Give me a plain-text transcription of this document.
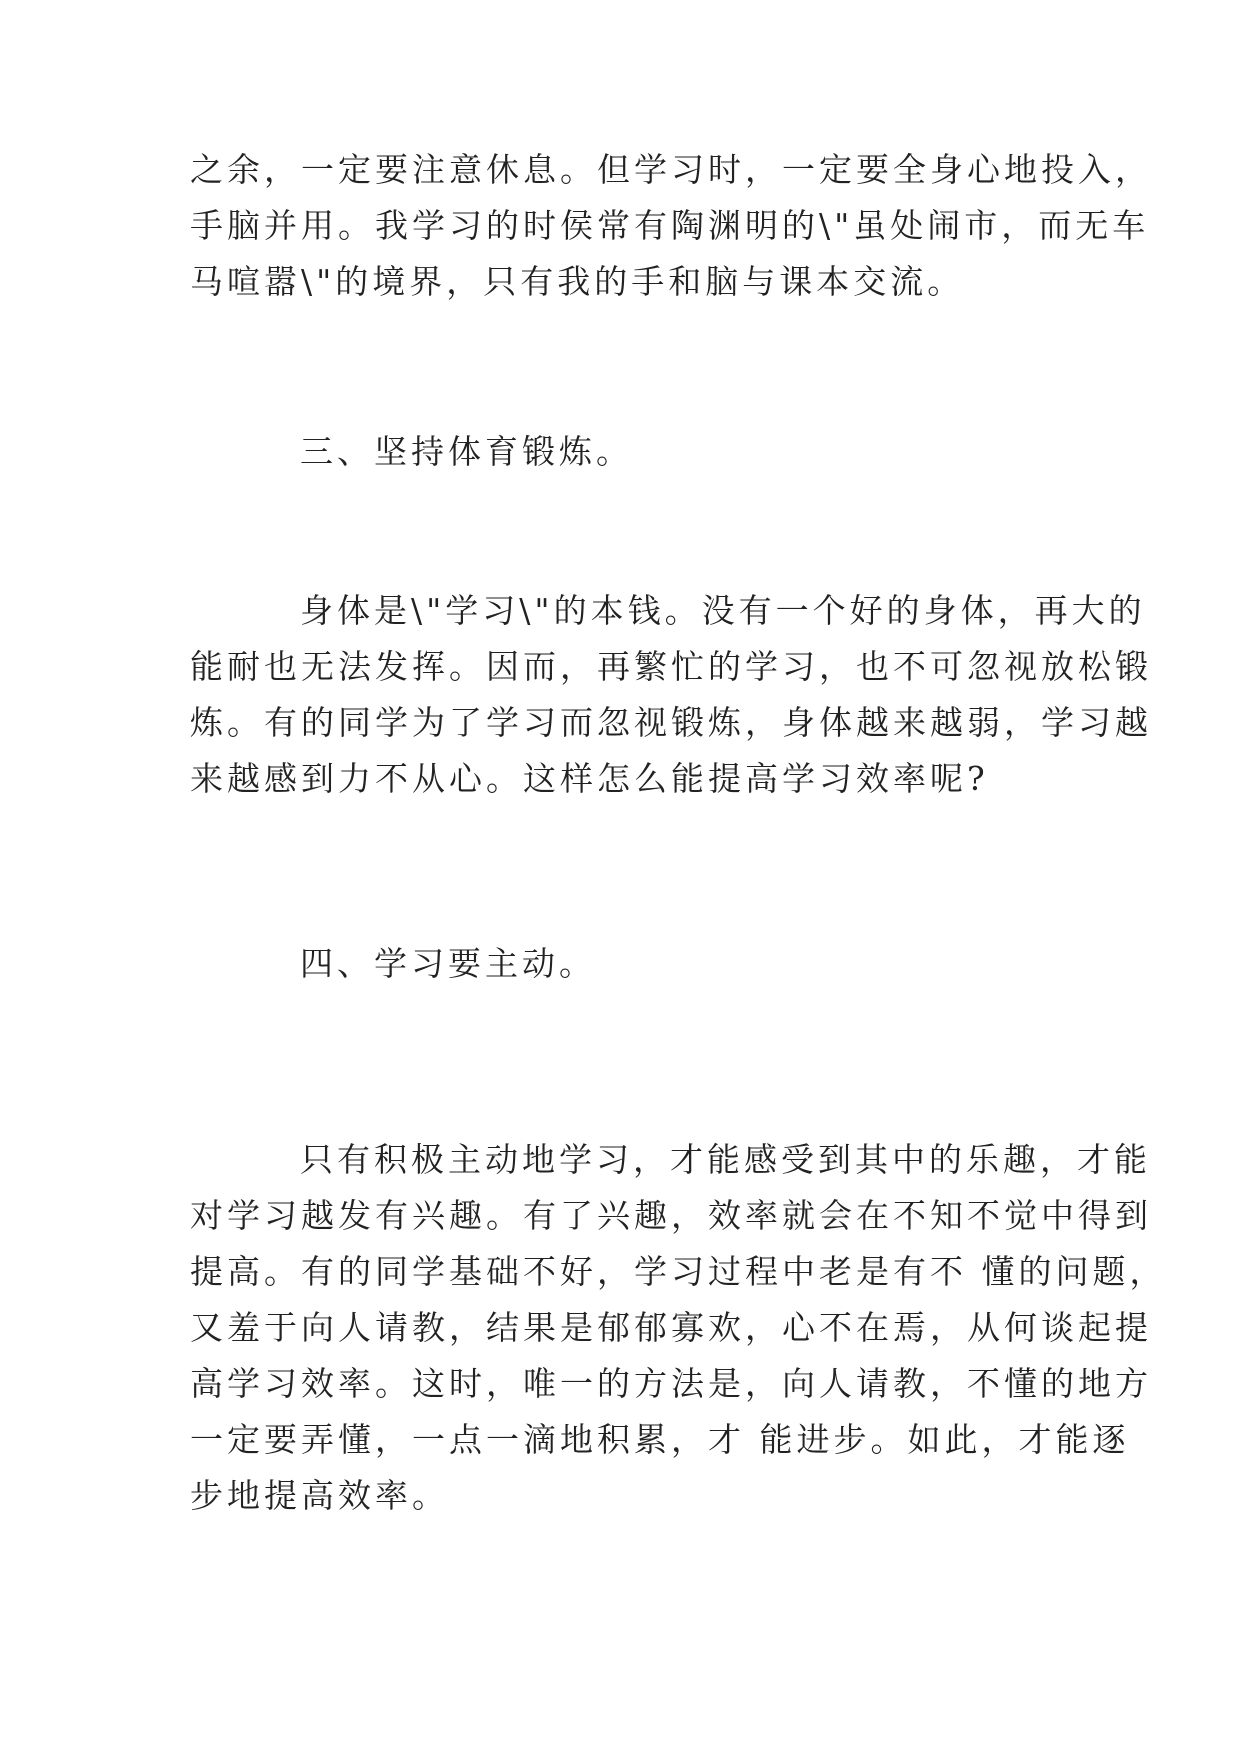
之余，一定要注意休息。但学习时，一定要全身心地投入，
手脑并用。我学习的时侯常有陶渊明的\"虽处闹市，而无车
马喧嚣\"的境界，只有我的手和脑与课本交流。
三、坚持体育锻炼。
身体是\"学习\"的本钱。没有一个好的身体，再大的
能耐也无法发挥。因而，再繁忙的学习，也不可忽视放松锻
炼。有的同学为了学习而忽视锻炼，身体越来越弱，学习越
来越感到力不从心。这样怎么能提高学习效率呢?
四、学习要主动。
只有积极主动地学习，才能感受到其中的乐趣，才能
对学习越发有兴趣。有了兴趣，效率就会在不知不觉中得到
提高。有的同学基础不好，学习过程中老是有不 懂的问题，
又羞于向人请教，结果是郁郁寡欢，心不在焉，从何谈起提
高学习效率。这时，唯一的方法是，向人请教，不懂的地方
一定要弄懂，一点一滴地积累，才 能进步。如此，才能逐
步地提高效率。
